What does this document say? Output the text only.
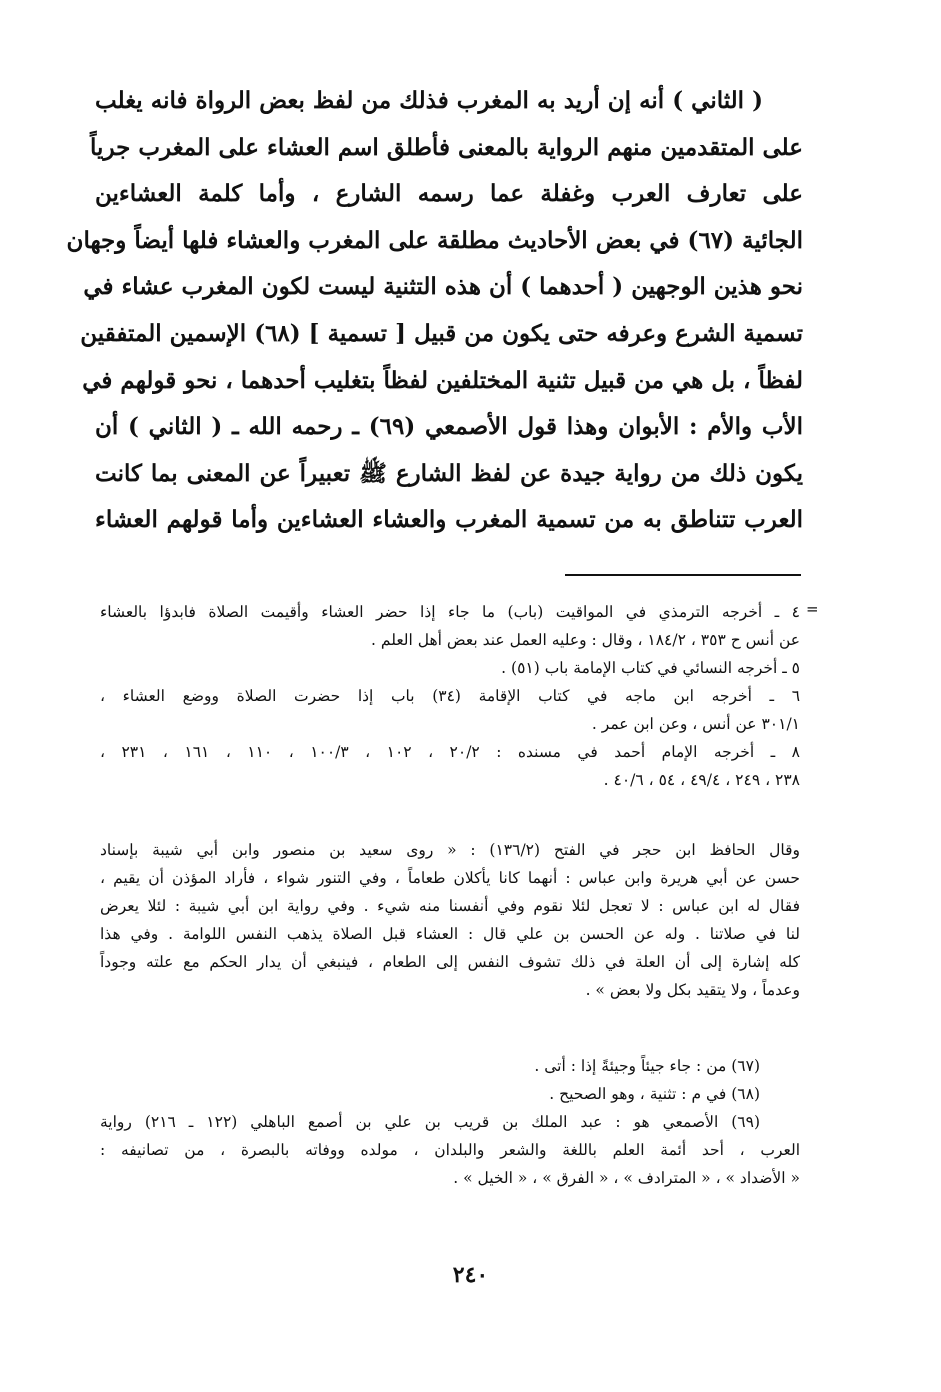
( الثاني ) أنه إن أريد به المغرب فذلك من لفظ بعض الرواة فانه يغلب
على المتقدمين منهم الرواية بالمعنى فأطلق اسم العشاء على المغرب جرياً
على تعارف العرب وغفلة عما رسمه الشارع ، وأما كلمة العشاءين
الجائية (٦٧) في بعض الأحاديث مطلقة على المغرب والعشاء فلها أيضاً وجهان
نحو هذين الوجهين ( أحدهما ) أن هذه التثنية ليست لكون المغرب عشاء في
تسمية الشرع وعرفه حتى يكون من قبيل [ تسمية ] (٦٨) الإسمين المتفقين
لفظاً ، بل هي من قبيل تثنية المختلفين لفظاً بتغليب أحدهما ، نحو قولهم في
الأب والأم : الأبوان وهذا قول الأصمعي (٦٩) ـ رحمه الله ـ ( الثاني ) أن
يكون ذلك من رواية جيدة عن لفظ الشارع ﷺ تعبيراً عن المعنى بما كانت
العرب تتناطق به من تسمية المغرب والعشاء العشاءين وأما قولهم العشاء
=
٤ ـ أخرجه الترمذي في المواقيت (باب) ما جاء إذا حضر العشاء وأقيمت الصلاة فابدؤا بالعشاء
عن أنس ح ٣٥٣ ، ١٨٤/٢ ، وقال : وعليه العمل عند بعض أهل العلم .
٥ ـ أخرجه النسائي في كتاب الإمامة باب (٥١) .
٦ ـ أخرجه ابن ماجه في كتاب الإقامة (٣٤) باب إذا حضرت الصلاة ووضع العشاء ،
٣٠١/١ عن أنس ، وعن ابن عمر .
٨ ـ أخرجه الإمام أحمد في مسنده : ٢٠/٢ ، ١٠٢ ، ١٠٠/٣ ، ١١٠ ، ١٦١ ، ٢٣١ ،
٢٣٨ ، ٢٤٩ ، ٤٩/٤ ، ٥٤ ، ٤٠/٦ .
وقال الحافظ ابن حجر في الفتح (١٣٦/٢) : « روى سعيد بن منصور وابن أبي شيبة بإسناد
حسن عن أبي هريرة وابن عباس : أنهما كانا يأكلان طعاماً ، وفي التنور شواء ، فأراد المؤذن أن يقيم ،
فقال له ابن عباس : لا تعجل لئلا نقوم وفي أنفسنا منه شيء . وفي رواية ابن أبي شيبة : لئلا يعرض
لنا في صلاتنا . وله عن الحسن بن علي قال : العشاء قبل الصلاة يذهب النفس اللوامة . وفي هذا
كله إشارة إلى أن العلة في ذلك تشوف النفس إلى الطعام ، فينبغي أن يدار الحكم مع علته وجوداً
وعدماً ، ولا يتقيد بكل ولا بعض » .
(٦٧) من : جاء جيئاً وجيئةً إذا : أتى .
(٦٨) في م : تثنية ، وهو الصحيح .
(٦٩) الأصمعي هو : عبد الملك بن قريب بن علي بن أصمع الباهلي (١٢٢ ـ ٢١٦) رواية
العرب ، أحد أئمة العلم باللغة والشعر والبلدان ، مولده ووفاته بالبصرة ، من تصانيفه :
« الأضداد » ، « المترادف » ، « الفرق » ، « الخيل » .
٢٤٠
